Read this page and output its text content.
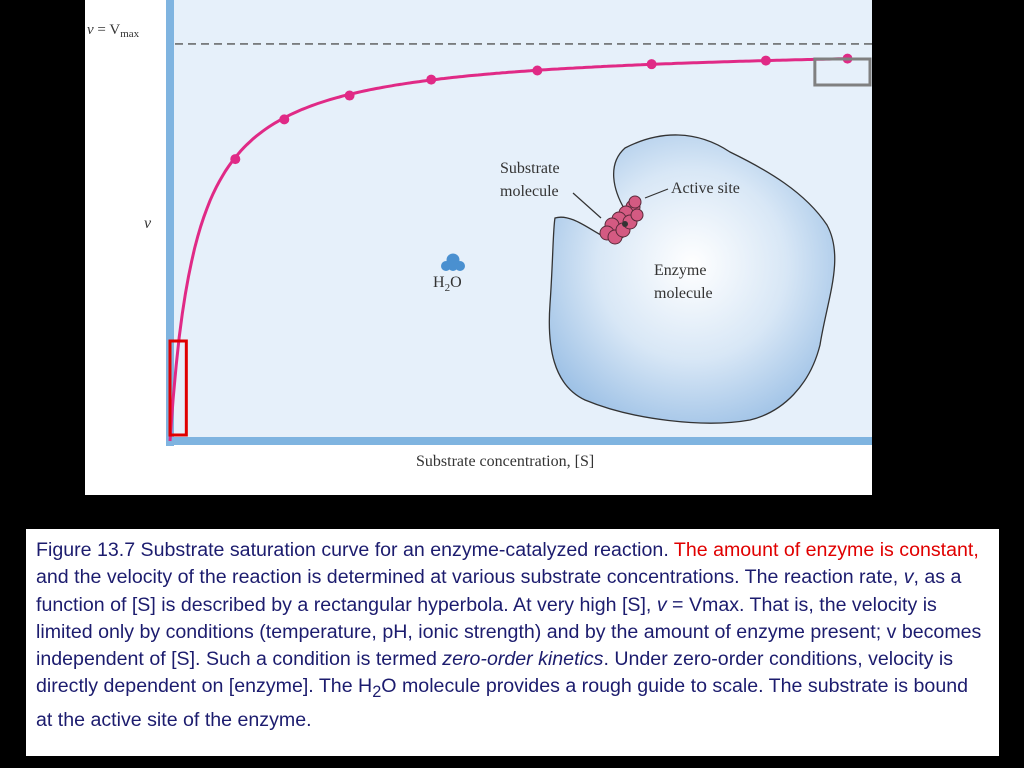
$v = V_{max}$
v
Substrate concentration, [S]
Substrate
molecule	Active site
Enzyme
molecule
$H_2O$
Figure 13.7 Substrate saturation curve for an enzyme-catalyzed reaction. The amount of enzyme is constant, and the velocity of the reaction is determined at various substrate concentrations. The reaction rate, v, as a function of [S] is described by a rectangular hyperbola. At very high [S], v = Vmax. That is, the velocity is limited only by conditions (temperature, pH, ionic strength) and by the amount of enzyme present; v becomes independent of [S]. Such a condition is termed zero-order kinetics. Under zero-order conditions, velocity is directly dependent on [enzyme]. The $H_2O$ molecule provides a rough guide to scale. The substrate is bound at the active site of the enzyme.
